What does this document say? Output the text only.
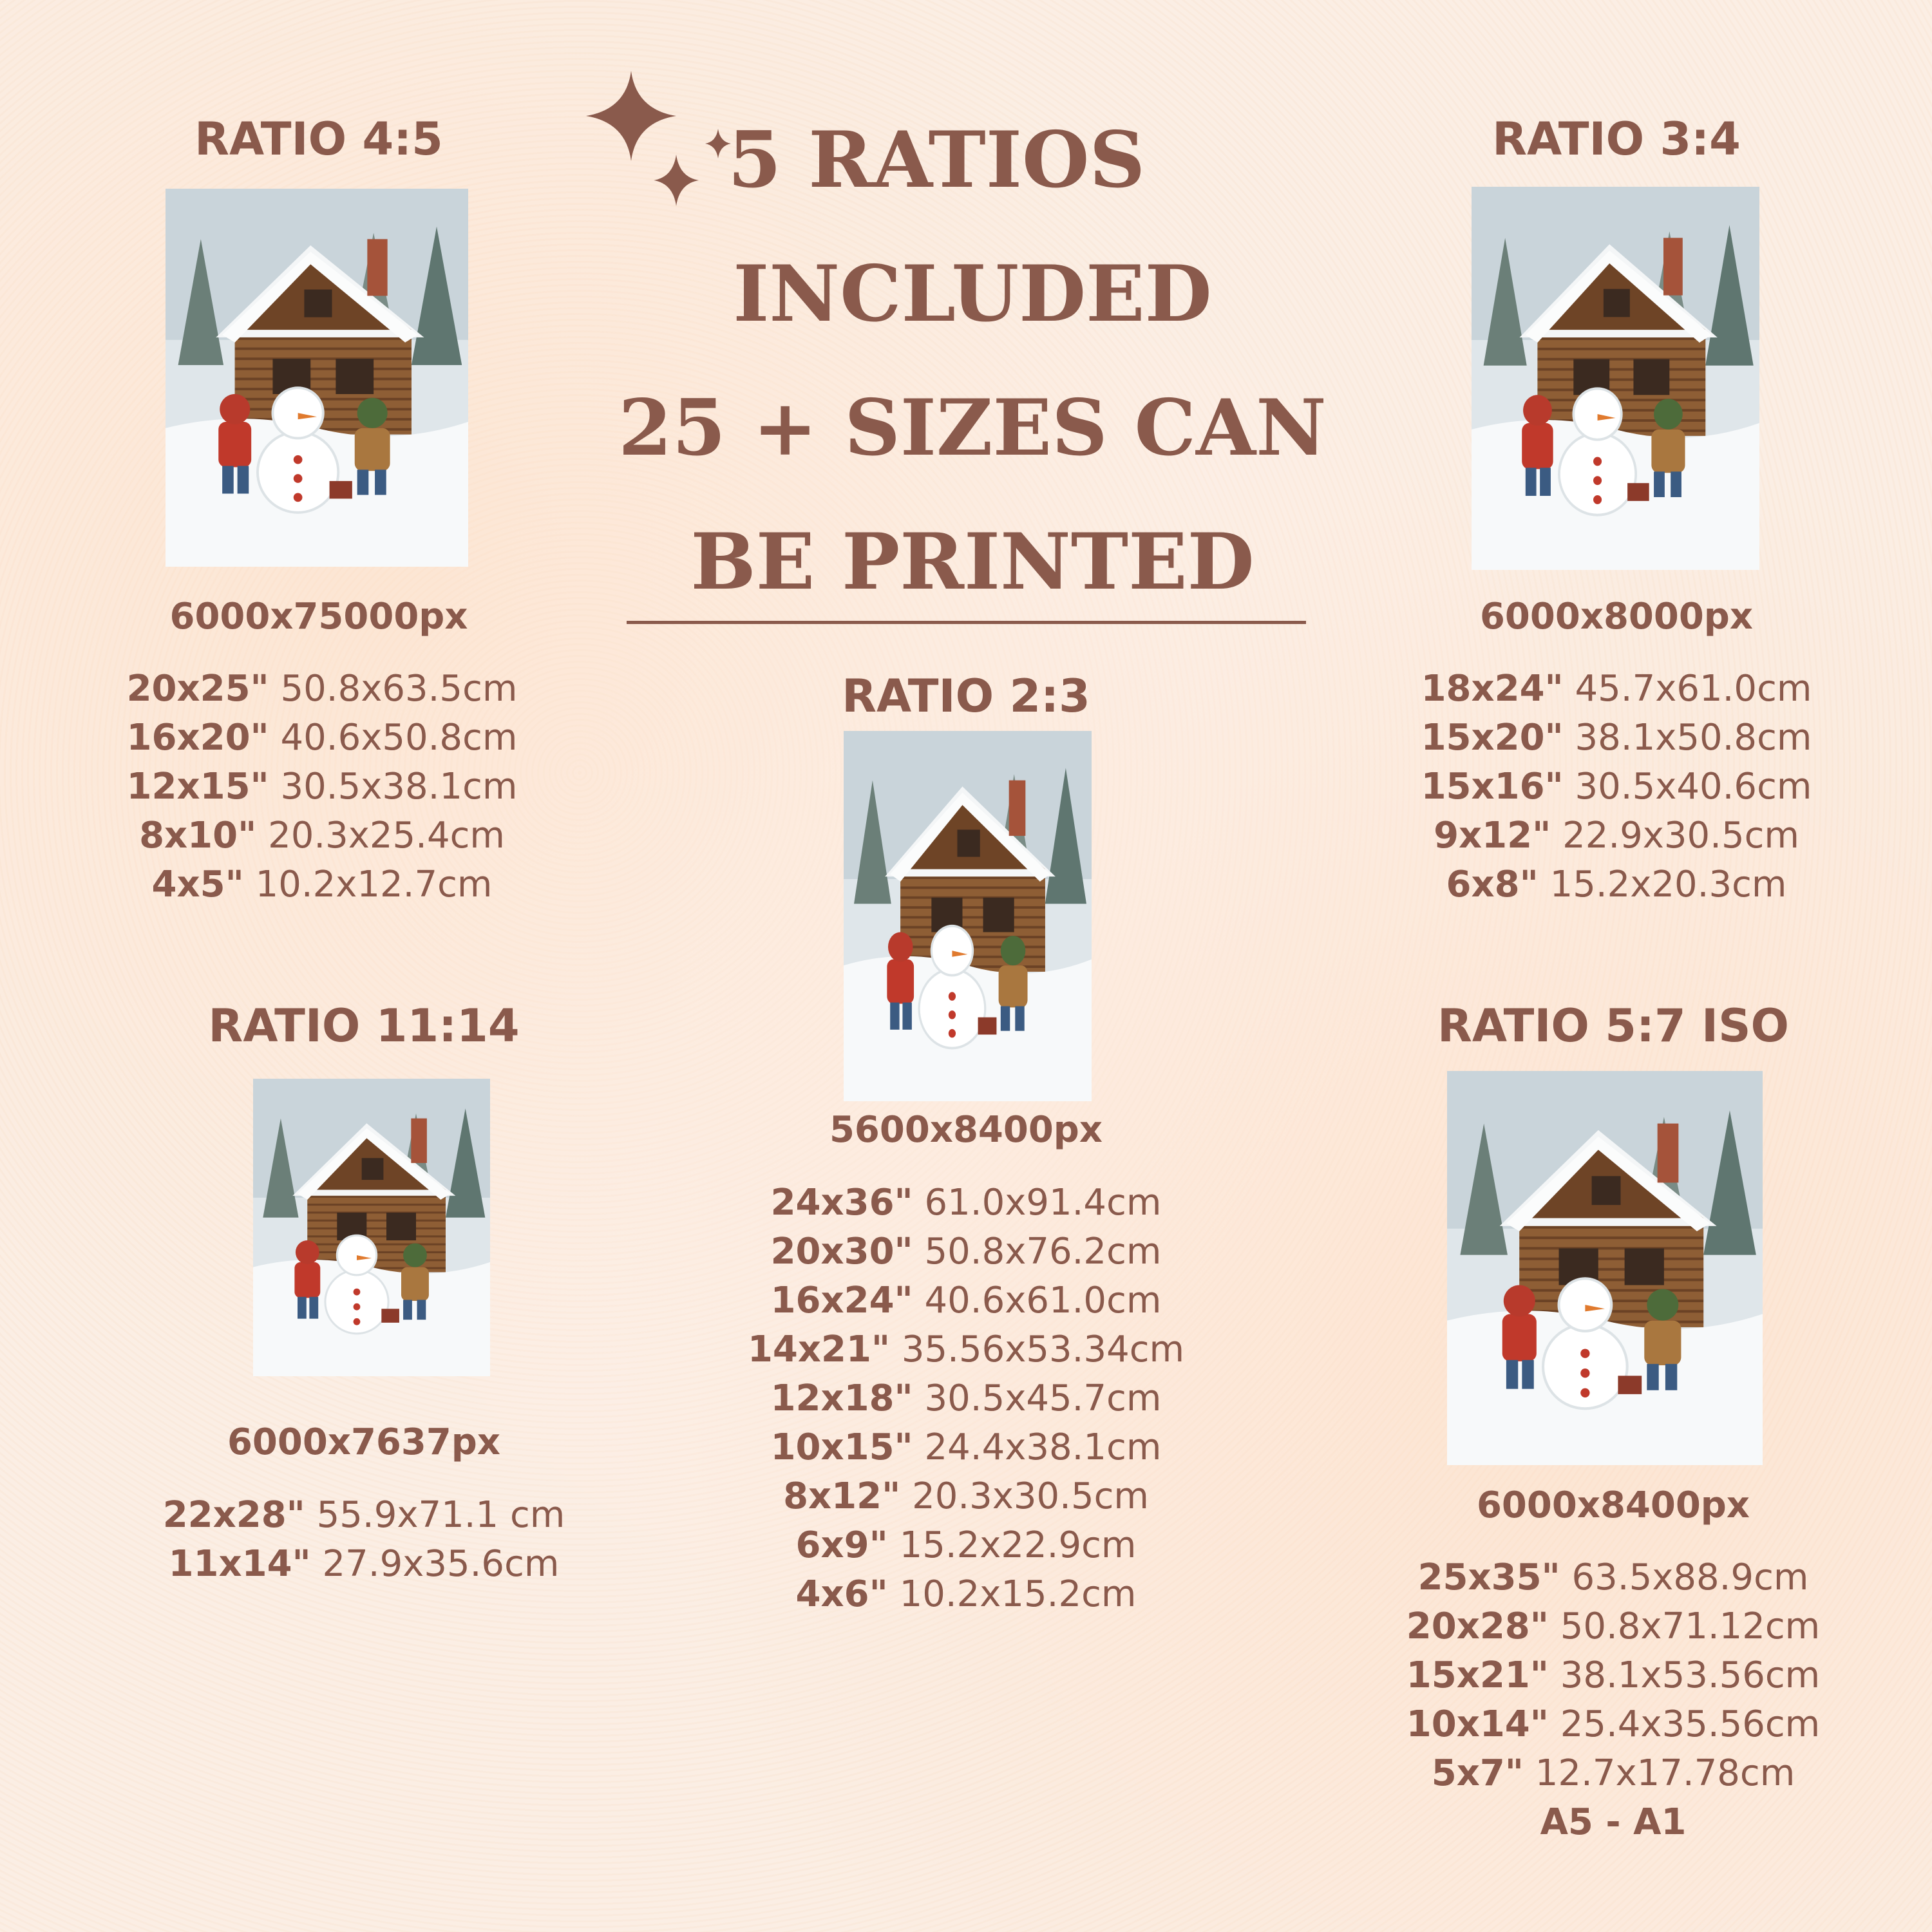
RATIO 4:5
6000x75000px
20x25" 50.8x63.5cm
16x20" 40.6x50.8cm
12x15" 30.5x38.1cm
8x10" 20.3x25.4cm
4x5" 10.2x12.7cm
5 RATIOS
INCLUDED
25 + SIZES CAN
BE PRINTED
RATIO 3:4
6000x8000px
18x24" 45.7x61.0cm
15x20" 38.1x50.8cm
15x16" 30.5x40.6cm
9x12" 22.9x30.5cm
6x8" 15.2x20.3cm
RATIO 2:3
5600x8400px
24x36" 61.0x91.4cm
20x30" 50.8x76.2cm
16x24" 40.6x61.0cm
14x21" 35.56x53.34cm
12x18" 30.5x45.7cm
10x15" 24.4x38.1cm
8x12" 20.3x30.5cm
6x9" 15.2x22.9cm
4x6" 10.2x15.2cm
RATIO 11:14
6000x7637px
22x28" 55.9x71.1 cm
11x14" 27.9x35.6cm
RATIO 5:7 ISO
6000x8400px
25x35" 63.5x88.9cm
20x28" 50.8x71.12cm
15x21" 38.1x53.56cm
10x14" 25.4x35.56cm
5x7" 12.7x17.78cm
A5 - A1
